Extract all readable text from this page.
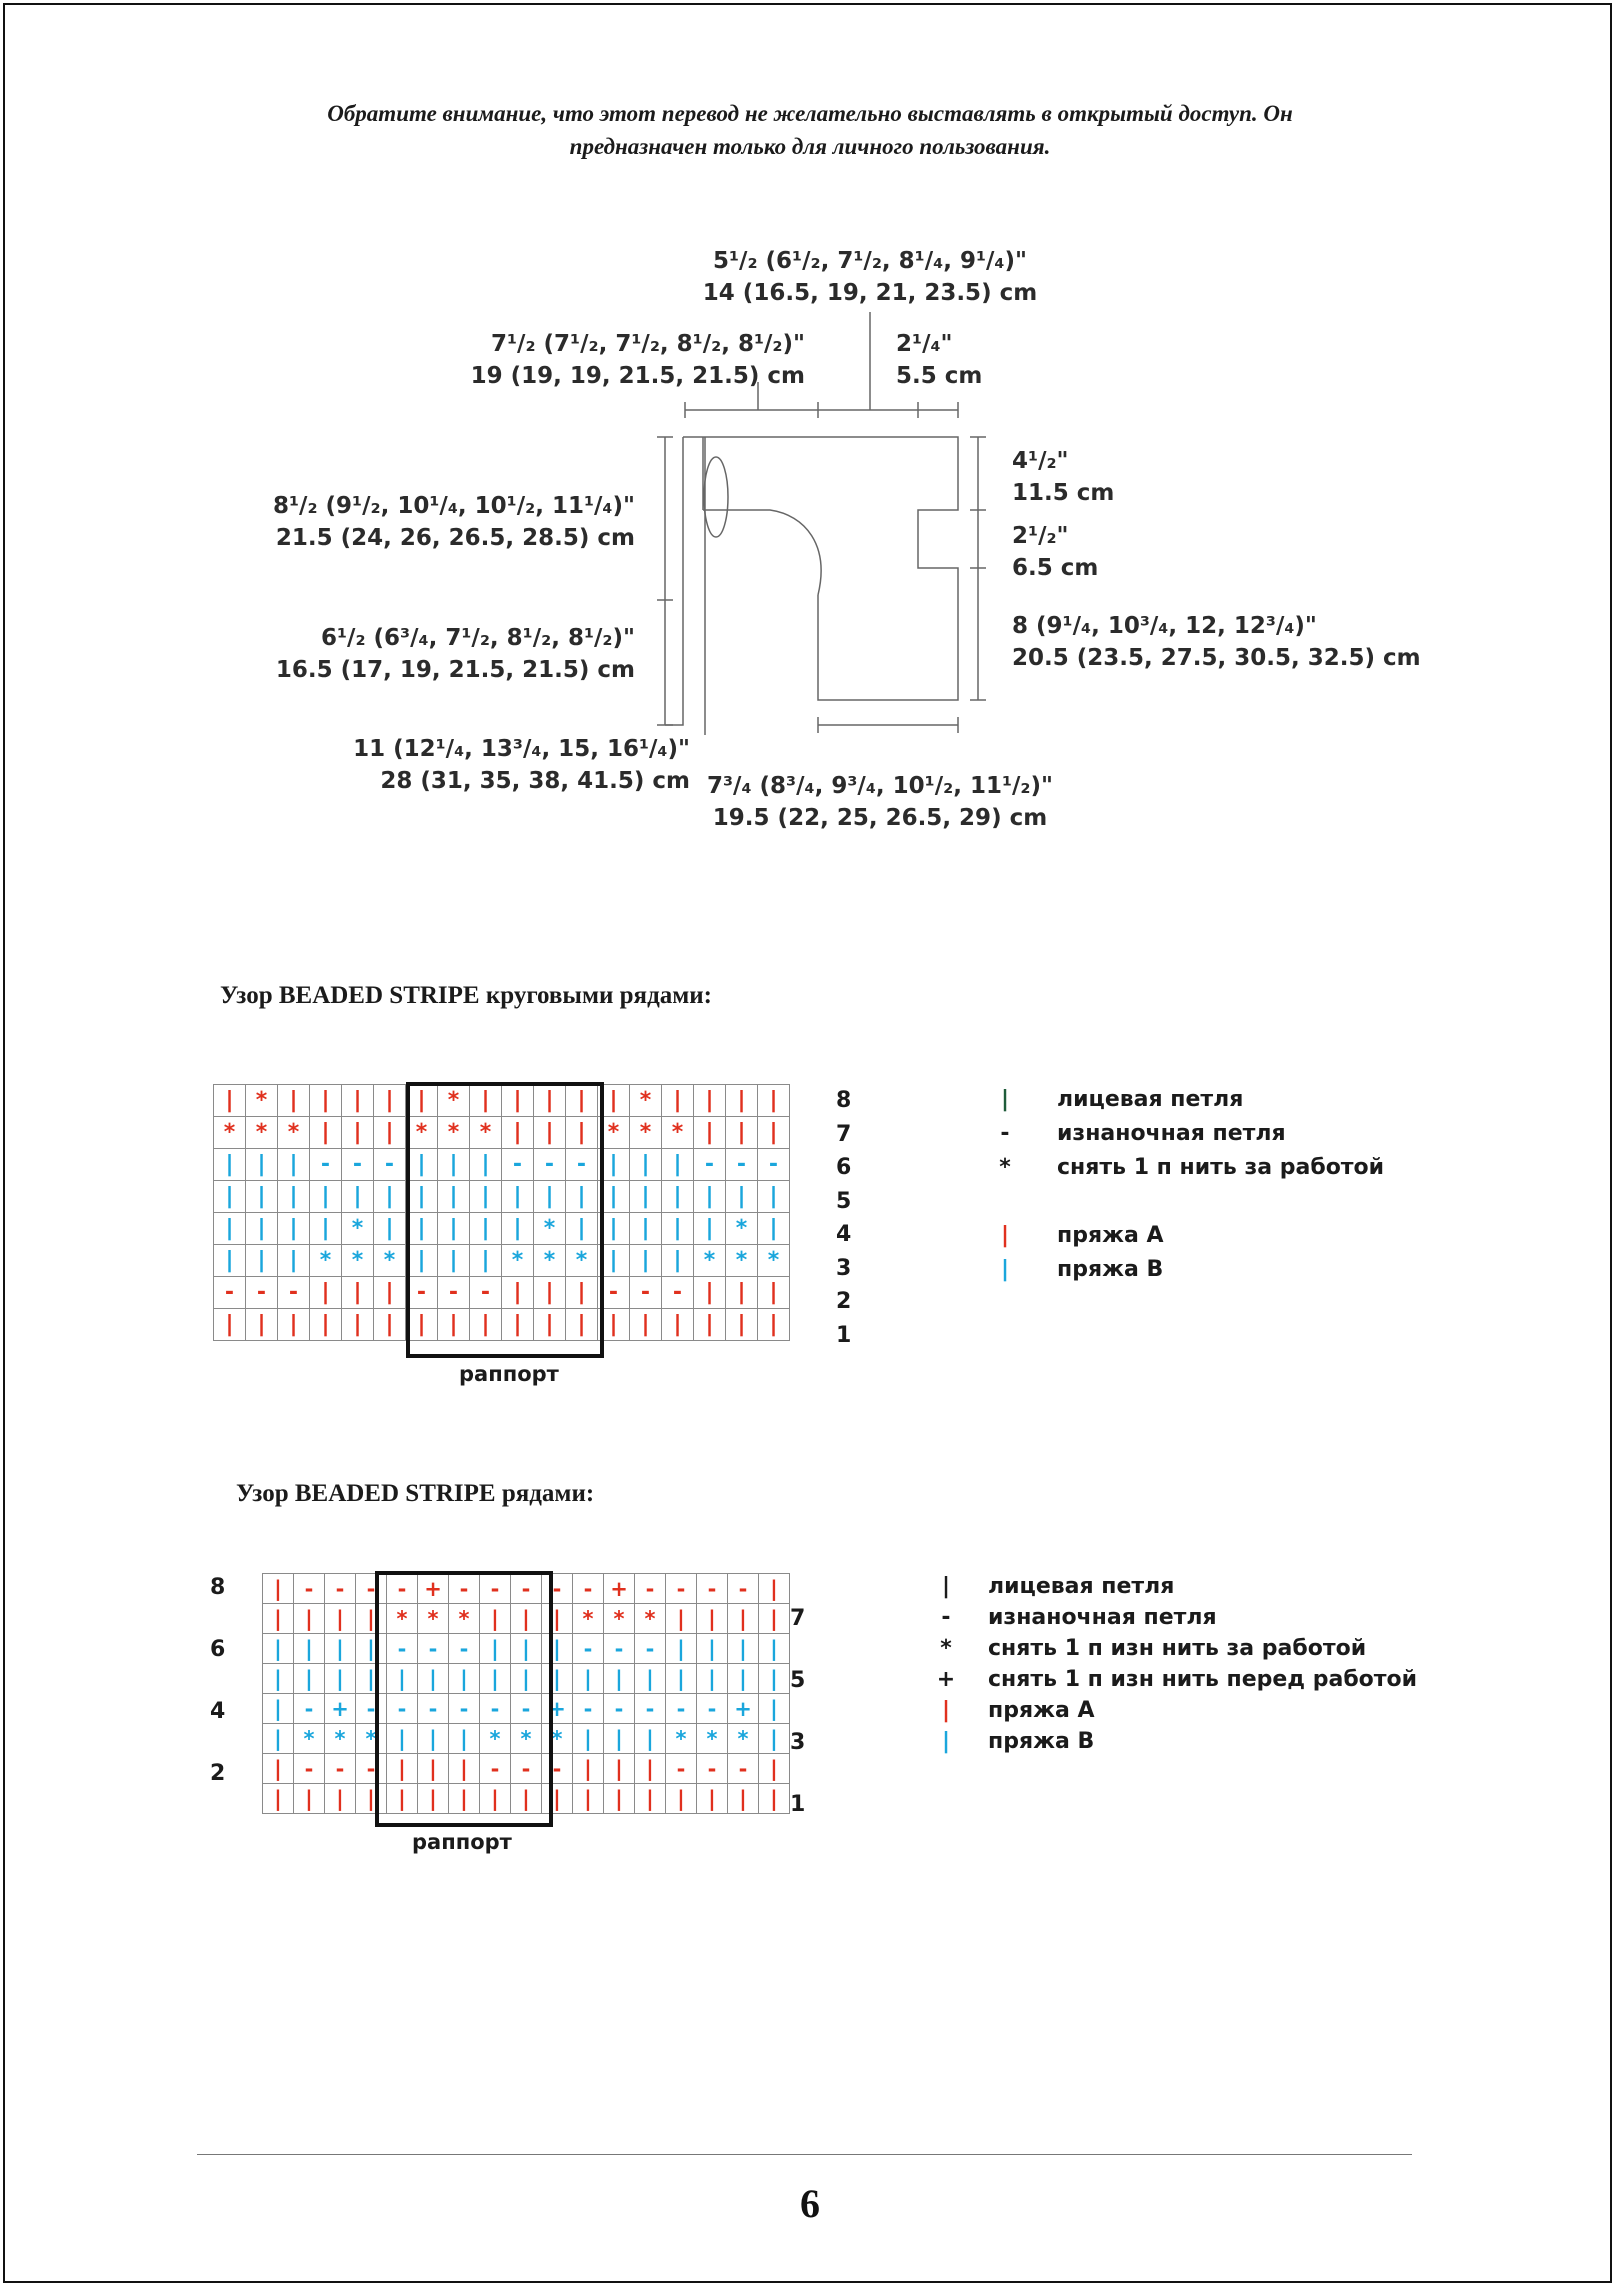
Обратите внимание, что этот перевод не желательно выставлять в открытый доступ. Он
предназначен только для личного пользования.
5¹/₂ (6¹/₂, 7¹/₂, 8¹/₄, 9¹/₄)"
14 (16.5, 19, 21, 23.5) cm
7¹/₂ (7¹/₂, 7¹/₂, 8¹/₂, 8¹/₂)"
19 (19, 19, 21.5, 21.5) cm
2¹/₄"
5.5 cm
4¹/₂"
11.5 cm
2¹/₂"
6.5 cm
8 (9¹/₄, 10³/₄, 12, 12³/₄)"
20.5 (23.5, 27.5, 30.5, 32.5) cm
8¹/₂ (9¹/₂, 10¹/₄, 10¹/₂, 11¹/₄)"
21.5 (24, 26, 26.5, 28.5) cm
6¹/₂ (6³/₄, 7¹/₂, 8¹/₂, 8¹/₂)"
16.5 (17, 19, 21.5, 21.5) cm
11 (12¹/₄, 13³/₄, 15, 16¹/₄)"
28 (31, 35, 38, 41.5) cm 7³/₄ (8³/₄, 9³/₄, 10¹/₂, 11¹/₂)"
19.5 (22, 25, 26.5, 29) cm
Узор BEADED STRIPE круговыми рядами:
|	*	|	|	|	|	|	*	|	|	|	|	|	*	|	|	|	|
*	*	*	|	|	|	*	*	*	|	|	|	*	*	*	|	|	|
|	|	|	-	-	-	|	|	|	-	-	-	|	|	|	-	-	-
|	|	|	|	|	|	|	|	|	|	|	|	|	|	|	|	|	|
|	|	|	|	*	|	|	|	|	|	*	|	|	|	|	|	*	|
|	|	|	*	*	*	|	|	|	*	*	*	|	|	|	*	*	*
-	-	-	|	|	|	-	-	-	|	|	|	-	-	-	|	|	|
|	|	|	|	|	|	|	|	|	|	|	|	|	|	|	|	|	|
раппорт
8
7
6
5
4
3
2
1
| лицевая петля
- изнаночная петля
* снять 1 п нить за работой
| пряжа А
| пряжа В
Узор BEADED STRIPE рядами:
|	-	-	-	-	+	-	-	-	-	-	+	-	-	-	-	|
|	|	|	|	*	*	*	|	|	|	*	*	*	|	|	|	|
|	|	|	|	-	-	-	|	|	|	-	-	-	|	|	|	|
|	|	|	|	|	|	|	|	|	|	|	|	|	|	|	|	|
|	-	+	-	-	-	-	-	-	+	-	-	-	-	-	+	|
|	*	*	*	|	|	|	*	*	*	|	|	|	*	*	*	|
|	-	-	-	|	|	|	-	-	-	|	|	|	-	-	-	|
|	|	|	|	|	|	|	|	|	|	|	|	|	|	|	|	|
раппорт
8
6
4
2
7
5
3
1
| лицевая петля
- изнаночная петля
* снять 1 п изн нить за работой
+ снять 1 п изн нить перед работой
| пряжа А
| пряжа В
6
